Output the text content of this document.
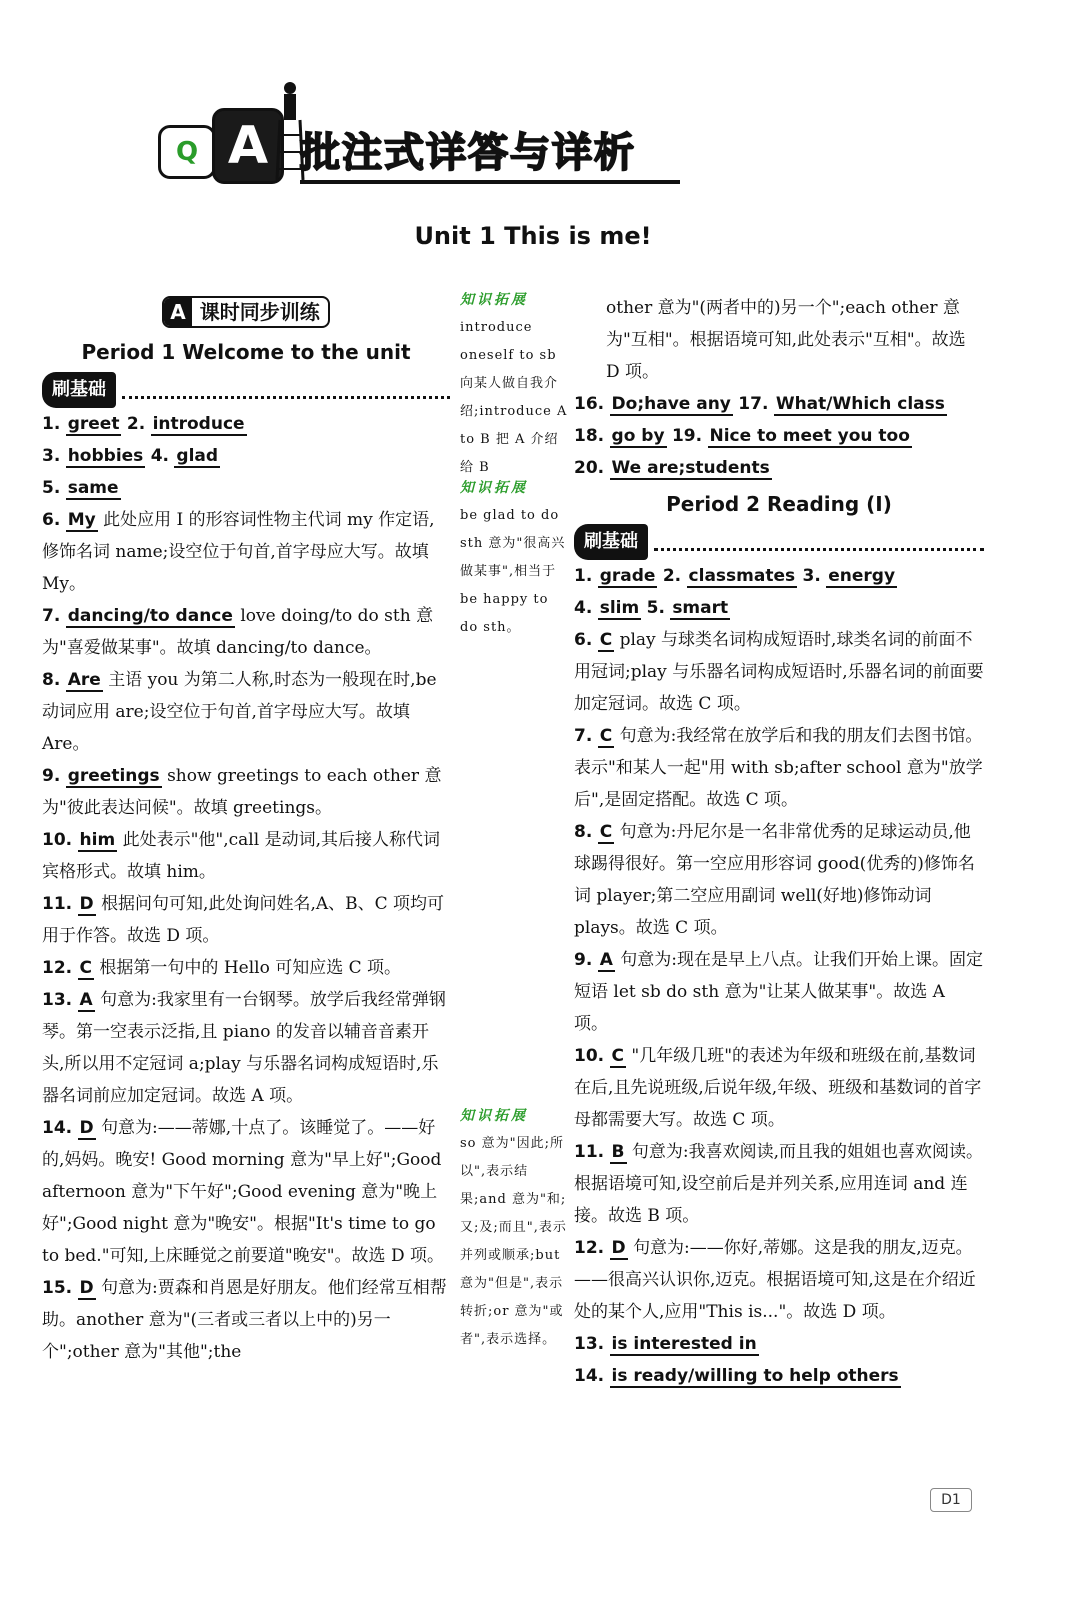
Q A 批注式详答与详析
Unit 1 This is me!
A 课时同步训练
Period 1 Welcome to the unit
刷基础
1. greet 2. introduce
3. hobbies 4. glad
5. same
6. My 此处应用 I 的形容词性物主代词 my 作定语,修饰名词 name;设空位于句首,首字母应大写。故填 My。
7. dancing/to dance love doing/to do sth 意为"喜爱做某事"。故填 dancing/to dance。
8. Are 主语 you 为第二人称,时态为一般现在时,be 动词应用 are;设空位于句首,首字母应大写。故填 Are。
9. greetings show greetings to each other 意为"彼此表达问候"。故填 greetings。
10. him 此处表示"他",call 是动词,其后接人称代词宾格形式。故填 him。
11. D 根据问句可知,此处询问姓名,A、B、C 项均可用于作答。故选 D 项。
12. C 根据第一句中的 Hello 可知应选 C 项。
13. A 句意为:我家里有一台钢琴。放学后我经常弹钢琴。第一空表示泛指,且 piano 的发音以辅音音素开头,所以用不定冠词 a;play 与乐器名词构成短语时,乐器名词前应加定冠词。故选 A 项。
14. D 句意为:——蒂娜,十点了。该睡觉了。——好的,妈妈。晚安! Good morning 意为"早上好";Good afternoon 意为"下午好";Good evening 意为"晚上好";Good night 意为"晚安"。根据"It's time to go to bed."可知,上床睡觉之前要道"晚安"。故选 D 项。
15. D 句意为:贾森和肖恩是好朋友。他们经常互相帮助。another 意为"(三者或三者以上中的)另一个";other 意为"其他";the
知识拓展
introduce oneself to sb 向某人做自我介绍;introduce A to B 把 A 介绍给 B
知识拓展
be glad to do sth 意为"很高兴做某事",相当于 be happy to do sth。
知识拓展
so 意为"因此;所以",表示结果;and 意为"和;又;及;而且",表示并列或顺承;but 意为"但是",表示转折;or 意为"或者",表示选择。
other 意为"(两者中的)另一个";each other 意为"互相"。根据语境可知,此处表示"互相"。故选 D 项。
16. Do;have any 17. What/Which class
18. go by 19. Nice to meet you too
20. We are;students
Period 2 Reading (Ⅰ)
刷基础
1. grade 2. classmates 3. energy
4. slim 5. smart
6. C play 与球类名词构成短语时,球类名词的前面不用冠词;play 与乐器名词构成短语时,乐器名词的前面要加定冠词。故选 C 项。
7. C 句意为:我经常在放学后和我的朋友们去图书馆。表示"和某人一起"用 with sb;after school 意为"放学后",是固定搭配。故选 C 项。
8. C 句意为:丹尼尔是一名非常优秀的足球运动员,他球踢得很好。第一空应用形容词 good(优秀的)修饰名词 player;第二空应用副词 well(好地)修饰动词 plays。故选 C 项。
9. A 句意为:现在是早上八点。让我们开始上课。固定短语 let sb do sth 意为"让某人做某事"。故选 A 项。
10. C "几年级几班"的表述为年级和班级在前,基数词在后,且先说班级,后说年级,年级、班级和基数词的首字母都需要大写。故选 C 项。
11. B 句意为:我喜欢阅读,而且我的姐姐也喜欢阅读。根据语境可知,设空前后是并列关系,应用连词 and 连接。故选 B 项。
12. D 句意为:——你好,蒂娜。这是我的朋友,迈克。——很高兴认识你,迈克。根据语境可知,这是在介绍近处的某个人,应用"This is..."。故选 D 项。
13. is interested in
14. is ready/willing to help others
D1
